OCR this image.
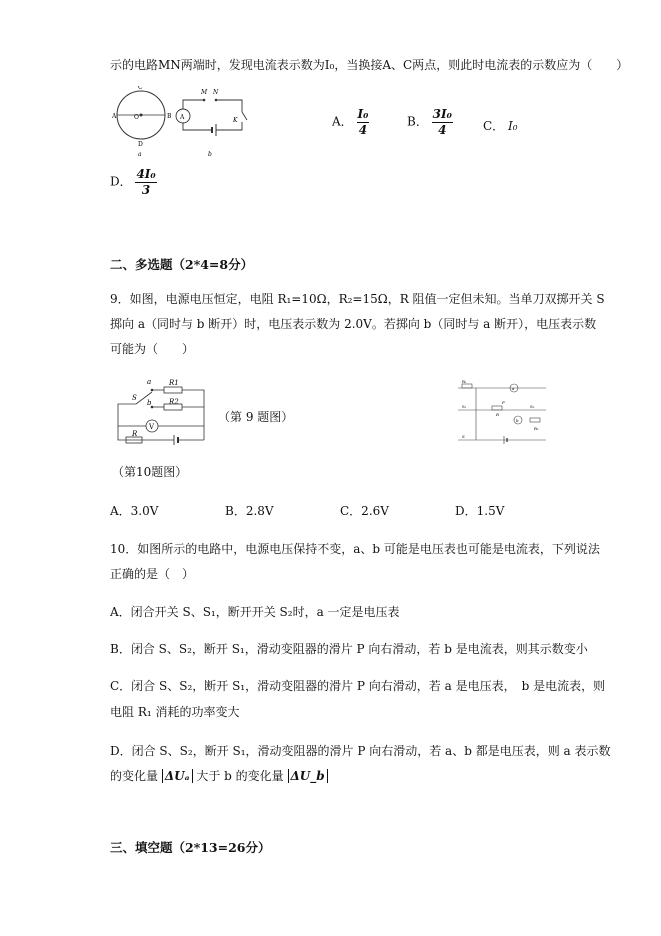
示的电路MN两端时，发现电流表示数为I₀，当换接A、C两点，则此时电流表的示数应为（　　）
C
A	O	B
D
a
A
M N
K
b
A． $\frac{\text{I₀}}{4}$	B． $\frac{\text{3I₀}}{4}$	C． I₀
D． $\frac{\text{4I₀}}{3}$
二、多选题（2*4=8分）
9．如图，电源电压恒定，电阻 R₁=10Ω，R₂=15Ω，R 阻值一定但未知。当单刀双掷开关 S
掷向 a（同时与 b 断开）时，电压表示数为 2.0V。若掷向 b（同时与 a 断开），电压表示数
可能为（　　）
a	R1
S
b	R2
V
R
（第 9 题图）
R₁
a
S₁
P
R
S₂
b
R₂
S
（第10题图）
A．3.0V	B．2.8V	C．2.6V	D．1.5V
10．如图所示的电路中，电源电压保持不变，a、b 可能是电压表也可能是电流表，下列说法
正确的是（　）
A．闭合开关 S、S₁，断开开关 S₂时，a 一定是电压表
B．闭合 S、S₂，断开 S₁，滑动变阻器的滑片 P 向右滑动，若 b 是电流表，则其示数变小
C．闭合 S、S₂，断开 S₁，滑动变阻器的滑片 P 向右滑动，若 a 是电压表，　b 是电流表，则
电阻 R₁ 消耗的功率变大
D．闭合 S、S₂，断开 S₁，滑动变阻器的滑片 P 向右滑动，若 a、b 都是电压表，则 a 表示数
的变化量 ΔUₐ 大于 b 的变化量 ΔU_b
三、填空题（2*13=26分）
